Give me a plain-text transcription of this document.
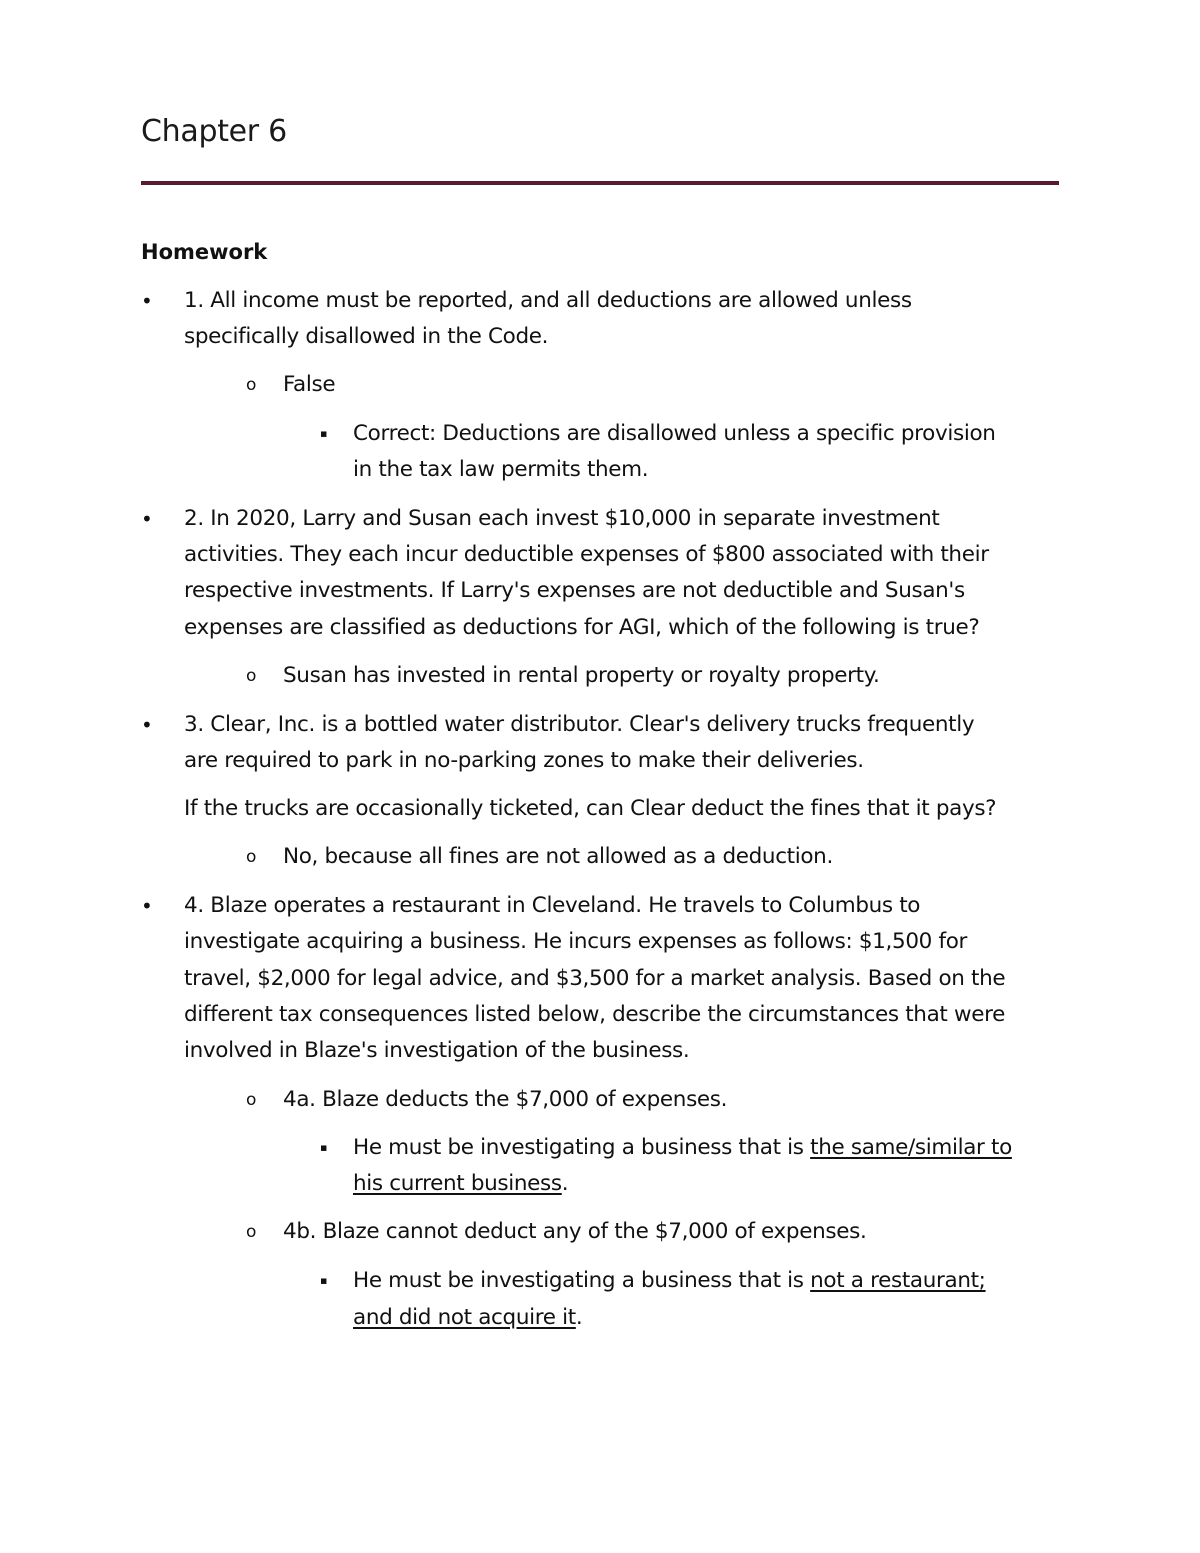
Chapter 6
Homework
• 1. All income must be reported, and all deductions are allowed unless

specifically disallowed in the Code.

o False

▪ Correct: Deductions are disallowed unless a specific provision

in the tax law permits them.

• 2. In 2020, Larry and Susan each invest $10,000 in separate investment

activities. They each incur deductible expenses of $800 associated with their

respective investments. If Larry's expenses are not deductible and Susan's

expenses are classified as deductions for AGI, which of the following is true?

o Susan has invested in rental property or royalty property.

• 3. Clear, Inc. is a bottled water distributor. Clear's delivery trucks frequently

are required to park in no-parking zones to make their deliveries.

If the trucks are occasionally ticketed, can Clear deduct the fines that it pays?

o No, because all fines are not allowed as a deduction.

• 4. Blaze operates a restaurant in Cleveland. He travels to Columbus to

investigate acquiring a business. He incurs expenses as follows: $1,500 for

travel, $2,000 for legal advice, and $3,500 for a market analysis. Based on the

different tax consequences listed below, describe the circumstances that were

involved in Blaze's investigation of the business.

o 4a. Blaze deducts the $7,000 of expenses.

▪ He must be investigating a business that is the same/similar to

his current business.

o 4b. Blaze cannot deduct any of the $7,000 of expenses.

▪ He must be investigating a business that is not a restaurant;

and did not acquire it.
